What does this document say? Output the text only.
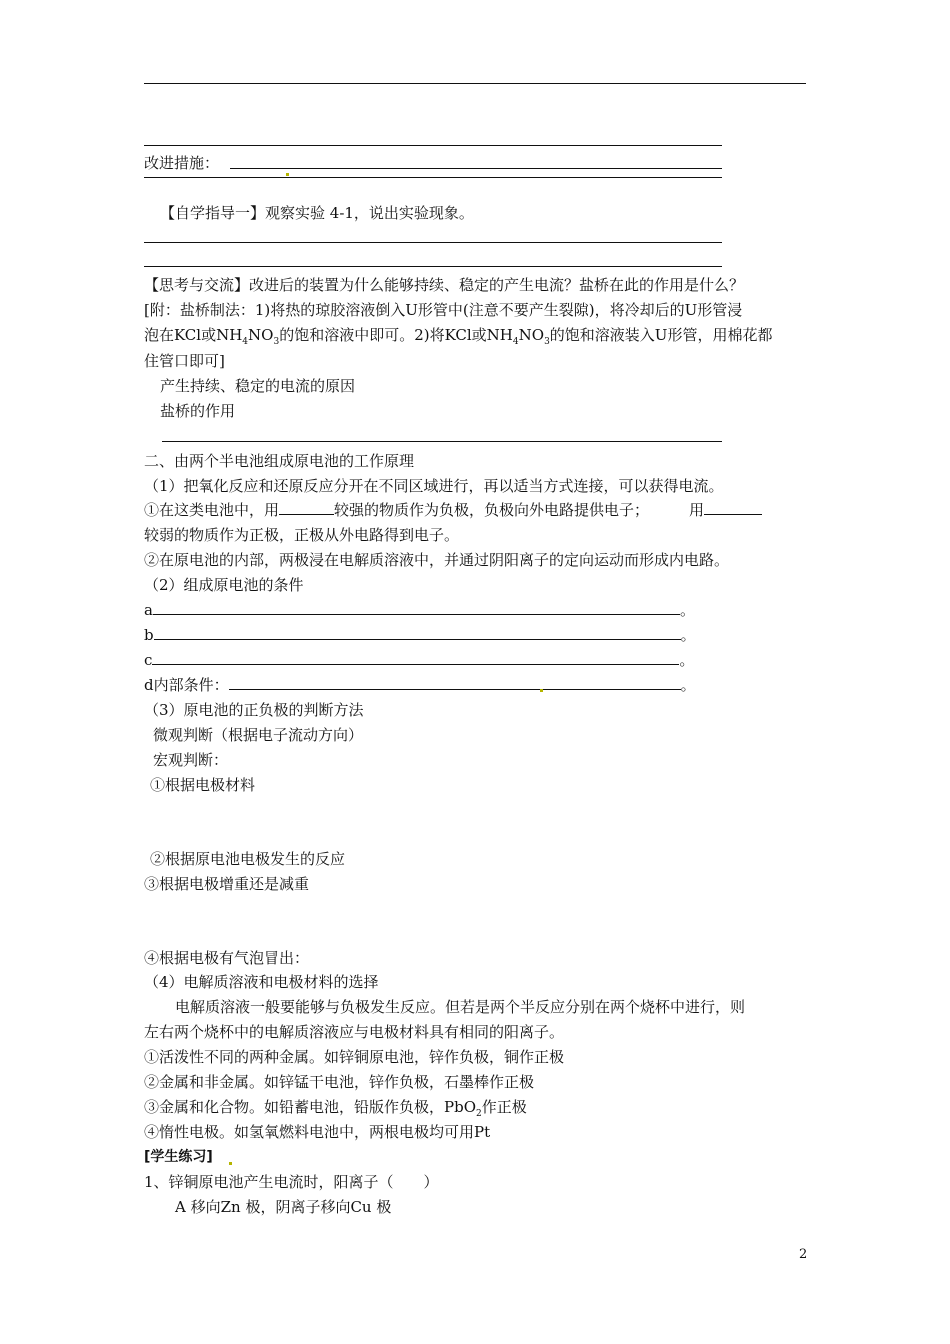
改进措施：
【自学指导一】观察实验 4-1，说出实验现象。
【思考与交流】改进后的装置为什么能够持续、稳定的产生电流？盐桥在此的作用是什么？
[附：盐桥制法：1)将热的琼胶溶液倒入U形管中(注意不要产生裂隙)，将冷却后的U形管浸
泡在KCl或$NH_4NO_3$的饱和溶液中即可。2)将KCl或$NH_4NO_3$的饱和溶液装入U形管，用棉花都
住管口即可]
产生持续、稳定的电流的原因
盐桥的作用
二、由两个半电池组成原电池的工作原理
（1）把氧化反应和还原反应分开在不同区域进行，再以适当方式连接，可以获得电流。
①在这类电池中，用	较强的物质作为负极，负极向外电路提供电子；	用
较弱的物质作为正极，正极从外电路得到电子。
②在原电池的内部，两极浸在电解质溶液中，并通过阴阳离子的定向运动而形成内电路。
（2）组成原电池的条件
a	。
b	。
c	。
d内部条件：	。
（3）原电池的正负极的判断方法
微观判断（根据电子流动方向）
宏观判断：
①根据电极材料
②根据原电池电极发生的反应
③根据电极增重还是减重
④根据电极有气泡冒出：
（4）电解质溶液和电极材料的选择
电解质溶液一般要能够与负极发生反应。但若是两个半反应分别在两个烧杯中进行，则
左右两个烧杯中的电解质溶液应与电极材料具有相同的阳离子。
①活泼性不同的两种金属。如锌铜原电池，锌作负极，铜作正极
②金属和非金属。如锌锰干电池，锌作负极，石墨棒作正极
③金属和化合物。如铅蓄电池，铅版作负极，PbO$_2$作正极
④惰性电极。如氢氧燃料电池中，两根电极均可用Pt
[学生练习]
1、锌铜原电池产生电流时，阳离子（　　）
A 移向Zn 极，阴离子移向Cu 极
2
